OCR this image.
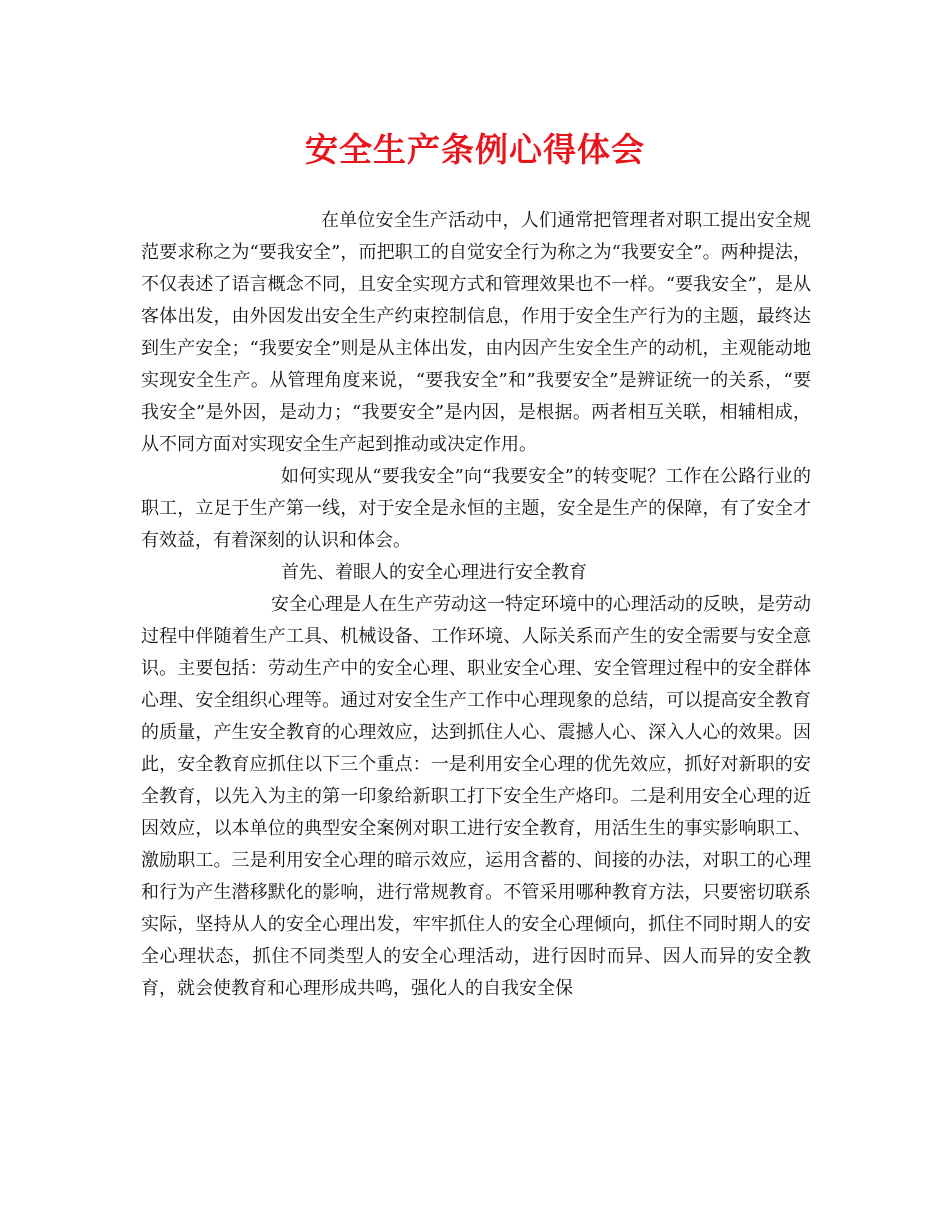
安全生产条例心得体会

在单位安全生产活动中，人们通常把管理者对职工提出安全规范要求称之为“要我安全”，而把职工的自觉安全行为称之为“我要安全”。两种提法，不仅表述了语言概念不同，且安全实现方式和管理效果也不一样。“要我安全”，是从客体出发，由外因发出安全生产约束控制信息，作用于安全生产行为的主题，最终达到生产安全；“我要安全”则是从主体出发，由内因产生安全生产的动机，主观能动地实现安全生产。从管理角度来说，“要我安全”和”我要安全”是辨证统一的关系，“要我安全”是外因，是动力；“我要安全”是内因，是根据。两者相互关联，相辅相成，从不同方面对实现安全生产起到推动或决定作用。

如何实现从“要我安全”向“我要安全”的转变呢？工作在公路行业的职工，立足于生产第一线，对于安全是永恒的主题，安全是生产的保障，有了安全才有效益，有着深刻的认识和体会。

首先、着眼人的安全心理进行安全教育

安全心理是人在生产劳动这一特定环境中的心理活动的反映，是劳动过程中伴随着生产工具、机械设备、工作环境、人际关系而产生的安全需要与安全意识。主要包括：劳动生产中的安全心理、职业安全心理、安全管理过程中的安全群体心理、安全组织心理等。通过对安全生产工作中心理现象的总结，可以提高安全教育的质量，产生安全教育的心理效应，达到抓住人心、震撼人心、深入人心的效果。因此，安全教育应抓住以下三个重点：一是利用安全心理的优先效应，抓好对新职的安全教育，以先入为主的第一印象给新职工打下安全生产烙印。二是利用安全心理的近因效应，以本单位的典型安全案例对职工进行安全教育，用活生生的事实影响职工、激励职工。三是利用安全心理的暗示效应，运用含蓄的、间接的办法，对职工的心理和行为产生潜移默化的影响，进行常规教育。不管采用哪种教育方法，只要密切联系实际，坚持从人的安全心理出发，牢牢抓住人的安全心理倾向，抓住不同时期人的安全心理状态，抓住不同类型人的安全心理活动，进行因时而异、因人而异的安全教育，就会使教育和心理形成共鸣，强化人的自我安全保
